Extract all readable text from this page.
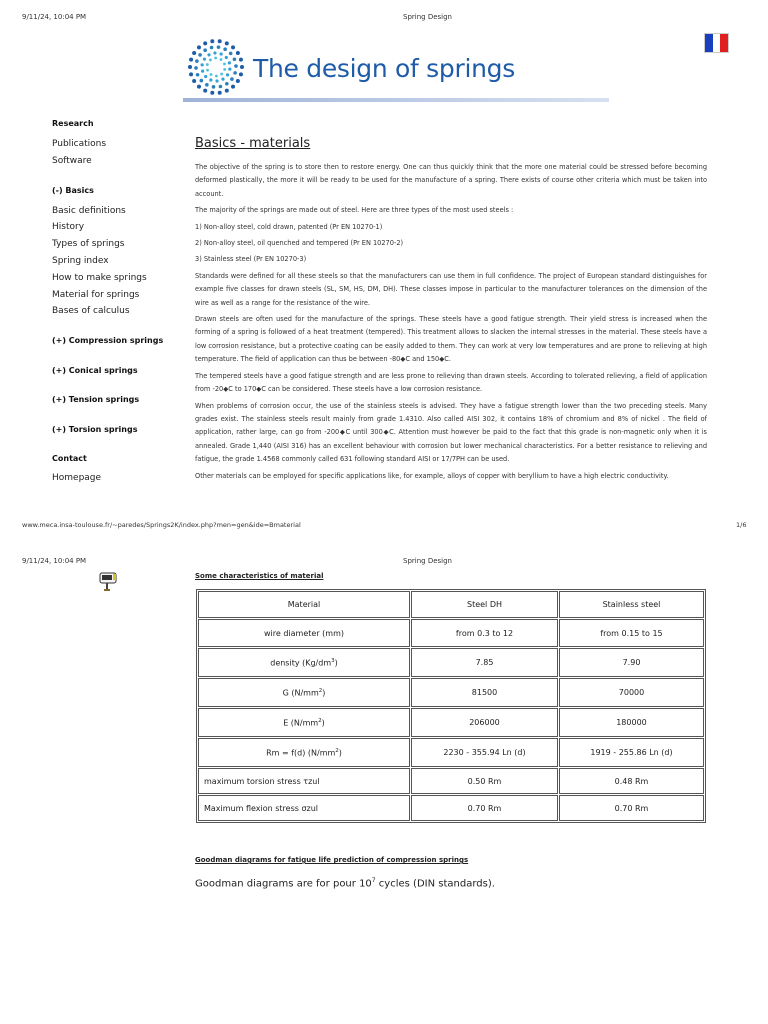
9/11/24, 10:04 PM	Spring Design
The design of springs
Research
Publications
Software
(-) Basics
Basic definitions
History
Types of springs
Spring index
How to make springs
Material for springs
Bases of calculus
(+) Compression springs
(+) Conical springs
(+) Tension springs
(+) Torsion springs
Contact
Homepage
Basics - materials

The objective of the spring is to store then to restore energy. One can thus quickly think that the more one material could be stressed before becoming deformed plastically, the more it will be ready to be used for the manufacture of a spring. There exists of course other criteria which must be taken into account.

The majority of the springs are made out of steel. Here are three types of the most used steels :

1) Non-alloy steel, cold drawn, patented (Pr EN 10270-1)

2) Non-alloy steel, oil quenched and tempered (Pr EN 10270-2)

3) Stainless steel (Pr EN 10270-3)

Standards were defined for all these steels so that the manufacturers can use them in full confidence. The project of European standard distinguishes for example five classes for drawn steels (SL, SM, HS, DM, DH). These classes impose in particular to the manufacturer tolerances on the dimension of the wire as well as a range for the resistance of the wire.

Drawn steels are often used for the manufacture of the springs. These steels have a good fatigue strength. Their yield stress is increased when the forming of a spring is followed of a heat treatment (tempered). This treatment allows to slacken the internal stresses in the material. These steels have a low corrosion resistance, but a protective coating can be easily added to them. They can work at very low temperatures and are prone to relieving at high temperature. The field of application can thus be between -80◆C and 150◆C.

The tempered steels have a good fatigue strength and are less prone to relieving than drawn steels. According to tolerated relieving, a field of application from -20◆C to 170◆C can be considered. These steels have a low corrosion resistance.

When problems of corrosion occur, the use of the stainless steels is advised. They have a fatigue strength lower than the two preceding steels. Many grades exist. The stainless steels result mainly from grade 1.4310. Also called AISI 302, it contains 18% of chromium and 8% of nickel . The field of application, rather large, can go from -200◆C until 300◆C. Attention must however be paid to the fact that this grade is non-magnetic only when it is annealed. Grade 1,440 (AISI 316) has an excellent behaviour with corrosion but lower mechanical characteristics. For a better resistance to relieving and fatigue, the grade 1.4568 commonly called 631 following standard AISI or 17/7PH can be used.

Other materials can be employed for specific applications like, for example, alloys of copper with beryllium to have a high electric conductivity.

www.meca.insa-toulouse.fr/~paredes/Springs2K/index.php?men=gen&ide=Bmaterial	1/6
9/11/24, 10:04 PM	Spring Design
Some characteristics of material
Material	Steel DH	Stainless steel
wire diameter (mm)	from 0.3 to 12	from 0.15 to 15
density $(Kg/dm^3)$	7.85	7.90
G $(N/mm^2)$	81500	70000
E $(N/mm^2)$	206000	180000
Rm = f(d) $(N/mm^2)$	2230 - 355.94 Ln (d)	1919 - 255.86 Ln (d)
maximum torsion stress τzul	0.50 Rm	0.48 Rm
Maximum flexion stress σzul	0.70 Rm	0.70 Rm
Goodman diagrams for fatigue life prediction of compression springs
Goodman diagrams are for pour $10^7$ cycles (DIN standards).
